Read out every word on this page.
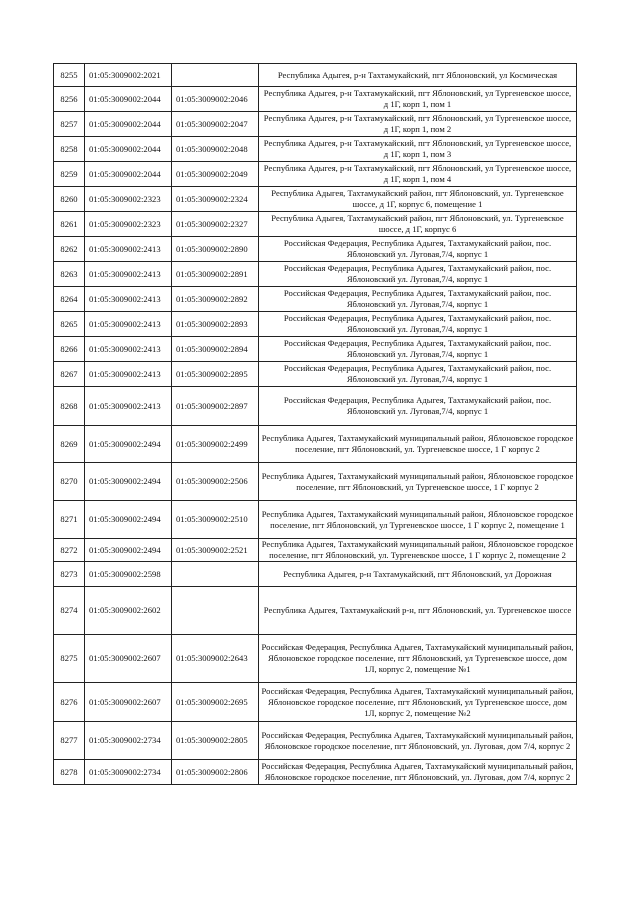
8255	01:05:3009002:2021		Республика Адыгея, р-н Тахтамукайский, пгт Яблоновский, ул Космическая
8256	01:05:3009002:2044	01:05:3009002:2046	Республика Адыгея, р-н Тахтамукайский, пгт Яблоновский, ул Тургеневское шоссе, д 1Г, корп 1, пом 1
8257	01:05:3009002:2044	01:05:3009002:2047	Республика Адыгея, р-н Тахтамукайский, пгт Яблоновский, ул Тургеневское шоссе, д 1Г, корп 1, пом 2
8258	01:05:3009002:2044	01:05:3009002:2048	Республика Адыгея, р-н Тахтамукайский, пгт Яблоновский, ул Тургеневское шоссе, д 1Г, корп 1, пом 3
8259	01:05:3009002:2044	01:05:3009002:2049	Республика Адыгея, р-н Тахтамукайский, пгт Яблоновский, ул Тургеневское шоссе, д 1Г, корп 1, пом 4
8260	01:05:3009002:2323	01:05:3009002:2324	Республика Адыгея, Тахтамукайский район, пгт Яблоновский, ул. Тургеневское шоссе, д 1Г, корпус 6, помещение 1
8261	01:05:3009002:2323	01:05:3009002:2327	Республика Адыгея, Тахтамукайский район, пгт Яблоновский, ул. Тургеневское шоссе, д 1Г, корпус 6
8262	01:05:3009002:2413	01:05:3009002:2890	Российская Федерация, Республика Адыгея, Тахтамукайский район, пос. Яблоновский ул. Луговая,7/4, корпус 1
8263	01:05:3009002:2413	01:05:3009002:2891	Российская Федерация, Республика Адыгея, Тахтамукайский район, пос. Яблоновский ул. Луговая,7/4, корпус 1
8264	01:05:3009002:2413	01:05:3009002:2892	Российская Федерация, Республика Адыгея, Тахтамукайский район, пос. Яблоновский ул. Луговая,7/4, корпус 1
8265	01:05:3009002:2413	01:05:3009002:2893	Российская Федерация, Республика Адыгея, Тахтамукайский район, пос. Яблоновский ул. Луговая,7/4, корпус 1
8266	01:05:3009002:2413	01:05:3009002:2894	Российская Федерация, Республика Адыгея, Тахтамукайский район, пос. Яблоновский ул. Луговая,7/4, корпус 1
8267	01:05:3009002:2413	01:05:3009002:2895	Российская Федерация, Республика Адыгея, Тахтамукайский район, пос. Яблоновский ул. Луговая,7/4, корпус 1
8268	01:05:3009002:2413	01:05:3009002:2897	Российская Федерация, Республика Адыгея, Тахтамукайский район, пос. Яблоновский ул. Луговая,7/4, корпус 1
8269	01:05:3009002:2494	01:05:3009002:2499	Республика Адыгея, Тахтамукайский муниципальный район, Яблоновское городское поселение, пгт Яблоновский, ул. Тургеневское шоссе, 1 Г корпус 2
8270	01:05:3009002:2494	01:05:3009002:2506	Республика Адыгея, Тахтамукайский муниципальный район, Яблоновское городское поселение, пгт Яблоновский, ул Тургеневское шоссе, 1 Г корпус 2
8271	01:05:3009002:2494	01:05:3009002:2510	Республика Адыгея, Тахтамукайский муниципальный район, Яблоновское городское поселение, пгт Яблоновский, ул Тургеневское шоссе, 1 Г корпус 2, помещение 1
8272	01:05:3009002:2494	01:05:3009002:2521	Республика Адыгея, Тахтамукайский муниципальный район, Яблоновское городское поселение, пгт Яблоновский, ул. Тургеневское шоссе, 1 Г корпус 2, помещение 2
8273	01:05:3009002:2598		Республика Адыгея, р-н Тахтамукайский, пгт Яблоновский, ул Дорожная
8274	01:05:3009002:2602		Республика Адыгея, Тахтамукайский р-н, пгт Яблоновский, ул. Тургеневское шоссе
8275	01:05:3009002:2607	01:05:3009002:2643	Российская Федерация, Республика Адыгея, Тахтамукайский муниципальный район, Яблоновское городское поселение, пгт Яблоновский, ул Тургеневское шоссе, дом 1Л, корпус 2, помещение №1
8276	01:05:3009002:2607	01:05:3009002:2695	Российская Федерация, Республика Адыгея, Тахтамукайский муниципальный район, Яблоновское городское поселение, пгт Яблоновский, ул Тургеневское шоссе, дом 1Л, корпус 2, помещение №2
8277	01:05:3009002:2734	01:05:3009002:2805	Российская Федерация, Республика Адыгея, Тахтамукайский муниципальный район, Яблоновское городское поселение, пгт Яблоновский, ул. Луговая, дом 7/4, корпус 2
8278	01:05:3009002:2734	01:05:3009002:2806	Российская Федерация, Республика Адыгея, Тахтамукайский муниципальный район, Яблоновское городское поселение, пгт Яблоновский, ул. Луговая, дом 7/4, корпус 2
